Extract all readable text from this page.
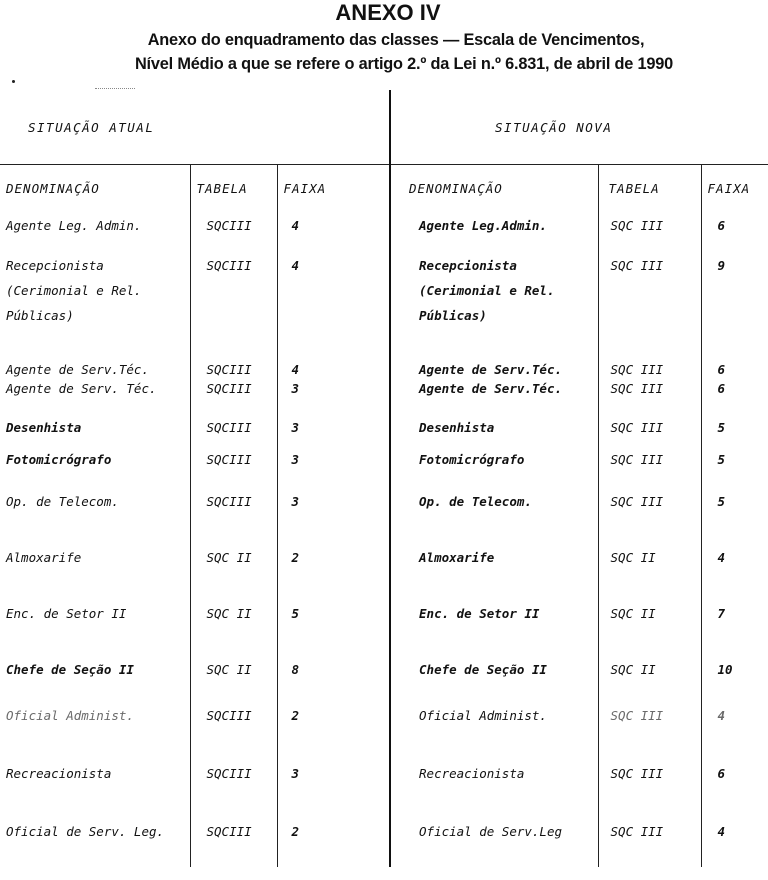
ANEXO IV
Anexo do enquadramento das classes — Escala de Vencimentos,
Nível Médio a que se refere o artigo 2.º da Lei n.º 6.831, de abril de 1990
SITUAÇÃO ATUAL			SITUAÇÃO NOVA		
DENOMINAÇÃO	TABELA	FAIXA	DENOMINAÇÃO	TABELA	FAIXA
Agente Leg. Admin.	SQCIII	4	Agente Leg.Admin.	SQC III	6
Recepcionista (Cerimonial e Rel. Públicas)	SQCIII	4	Recepcionista (Cerimonial e Rel. Públicas)	SQC III	9
Agente de Serv.Téc.	SQCIII	4	Agente de Serv.Téc.	SQC III	6
Agente de Serv. Téc.	SQCIII	3	Agente de Serv.Téc.	SQC III	6
Desenhista	SQCIII	3	Desenhista	SQC III	5
Fotomicrógrafo	SQCIII	3	Fotomicrógrafo	SQC III	5
Op. de Telecom.	SQCIII	3	Op. de Telecom.	SQC III	5
Almoxarife	SQC II	2	Almoxarife	SQC II	4
Enc. de Setor II	SQC II	5	Enc. de Setor II	SQC II	7
Chefe de Seção II	SQC II	8	Chefe de Seção II	SQC II	10
Oficial Administ.	SQCIII	2	Oficial Administ.	SQC III	4
Recreacionista	SQCIII	3	Recreacionista	SQC III	6
Oficial de Serv. Leg.	SQCIII	2	Oficial de Serv.Leg	SQC III	4
